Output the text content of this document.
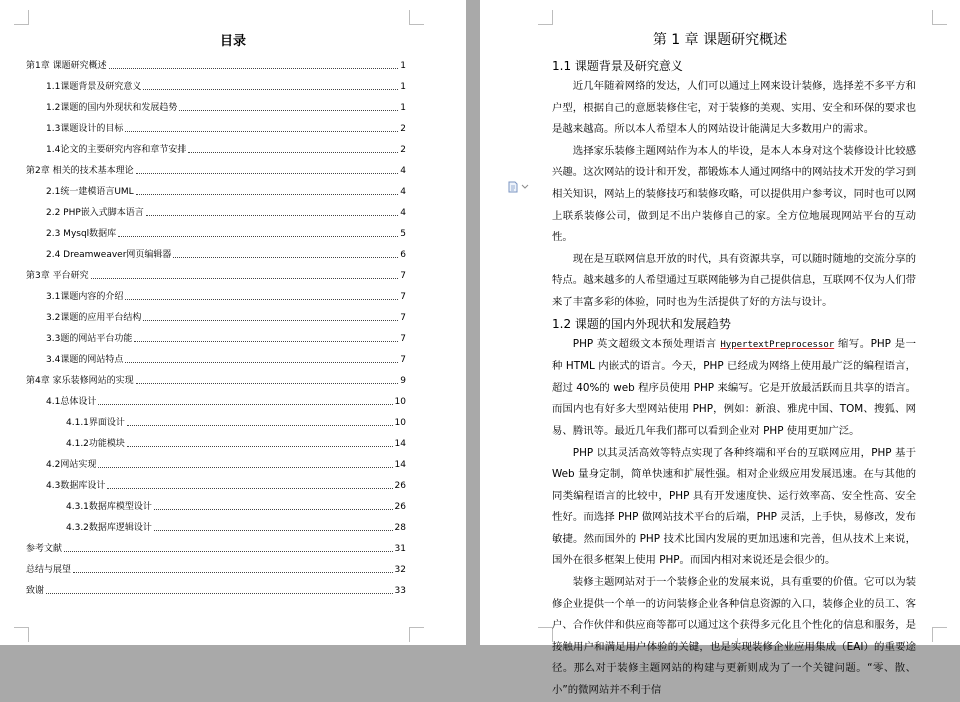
目录
第1章 课题研究概述	1
1.1课题背景及研究意义	1
1.2课题的国内外现状和发展趋势	1
1.3课题设计的目标	2
1.4论文的主要研究内容和章节安排	2
第2章 相关的技术基本理论	4
2.1统一建模语言UML	4
2.2 PHP嵌入式脚本语言	4
2.3 Mysql数据库	5
2.4 Dreamweaver网页编辑器	6
第3章 平台研究	7
3.1课题内容的介绍	7
3.2课题的应用平台结构	7
3.3题的网站平台功能	7
3.4课题的网站特点	7
第4章 家乐装修网站的实现	9
4.1总体设计	10
4.1.1界面设计	10
4.1.2功能模块	14
4.2网站实现	14
4.3数据库设计	26
4.3.1数据库模型设计	26
4.3.2数据库逻辑设计	28
参考文献	31
总结与展望	32
致谢	33
第 1 章 课题研究概述
1.1 课题背景及研究意义

近几年随着网络的发达，人们可以通过上网来设计装修，选择差不多平方和户型，根据自己的意愿装修住宅，对于装修的美观、实用、安全和环保的要求也是越来越高。所以本人希望本人的网站设计能满足大多数用户的需求。

选择家乐装修主题网站作为本人的毕设，是本人本身对这个装修设计比较感兴趣。这次网站的设计和开发，都锻炼本人通过网络中的网站技术开发的学习到相关知识，网站上的装修技巧和装修攻略，可以提供用户参考议，同时也可以网上联系装修公司，做到足不出户装修自己的家。全方位地展现网站平台的互动性。

现在是互联网信息开放的时代，具有资源共享，可以随时随地的交流分享的特点。越来越多的人希望通过互联网能够为自己提供信息，互联网不仅为人们带来了丰富多彩的体验，同时也为生活提供了好的方法与设计。

1.2 课题的国内外现状和发展趋势

PHP 英文超级文本预处理语言 HypertextPreprocessor 缩写。PHP 是一种 HTML 内嵌式的语言。今天，PHP 已经成为网络上使用最广泛的编程语言，超过 40%的 web 程序员使用 PHP 来编写。它是开放最活跃而且共享的语言。而国内也有好多大型网站使用 PHP，例如：新浪、雅虎中国、TOM、搜狐、网易、腾讯等。最近几年我们都可以看到企业对 PHP 使用更加广泛。

PHP 以其灵活高效等特点实现了各种终端和平台的互联网应用，PHP 基于 Web 量身定制，简单快速和扩展性强。相对企业级应用发展迅速。在与其他的同类编程语言的比较中，PHP 具有开发速度快、运行效率高、安全性高、安全性好。而选择 PHP 做网站技术平台的后端，PHP 灵活，上手快，易修改，发布敏捷。然而国外的 PHP 技术比国内发展的更加迅速和完善，但从技术上来说，国外在很多框架上使用 PHP。而国内相对来说还是会很少的。

装修主题网站对于一个装修企业的发展来说，具有重要的价值。它可以为装修企业提供一个单一的访问装修企业各种信息资源的入口，装修企业的员工、客户、合作伙伴和供应商等都可以通过这个获得多元化且个性化的信息和服务，是接触用户和满足用户体验的关键，也是实现装修企业应用集成（EAI）的重要途径。那么对于装修主题网站的构建与更新则成为了一个关键问题。“零、散、小”的微网站并不利于信
